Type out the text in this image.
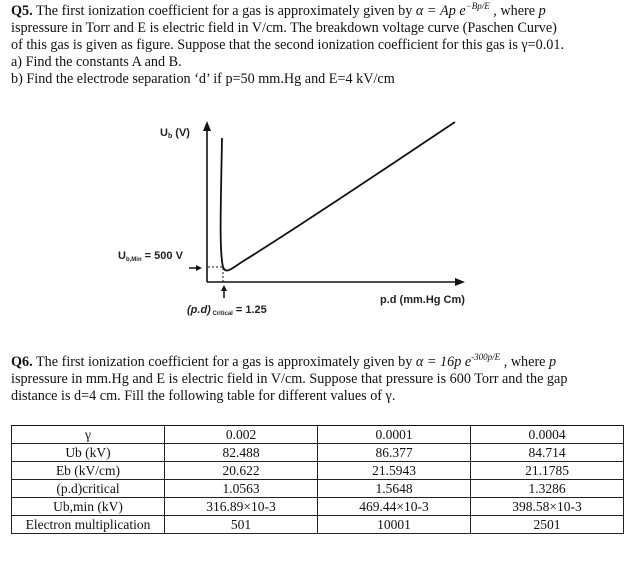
Q5. The first ionization coefficient for a gas is approximately given by α = Ap $e^{-Bp/E}$ , where p
ispressure in Torr and E is electric field in V/cm. The breakdown voltage curve (Paschen Curve)
of this gas is given as figure. Suppose that the second ionization coefficient for this gas is γ=0.01.
a) Find the constants A and B.
b) Find the electrode separation ‘d’ if p=50 mm.Hg and E=4 kV/cm
Ub (V)
Ub,Min = 500 V
(p.d) Critical = 1.25
p.d (mm.Hg Cm)
Q6. The first ionization coefficient for a gas is approximately given by α = 16p $e^{-300p/E}$ , where p
ispressure in mm.Hg and E is electric field in V/cm. Suppose that pressure is 600 Torr and the gap
distance is d=4 cm. Fill the following table for different values of γ.
γ	0.002	0.0001	0.0004
Ub (kV)	82.488	86.377	84.714
Eb (kV/cm)	20.622	21.5943	21.1785
(p.d)critical	1.0563	1.5648	1.3286
Ub,min (kV)	316.89×10-3	469.44×10-3	398.58×10-3
Electron multiplication	501	10001	2501
